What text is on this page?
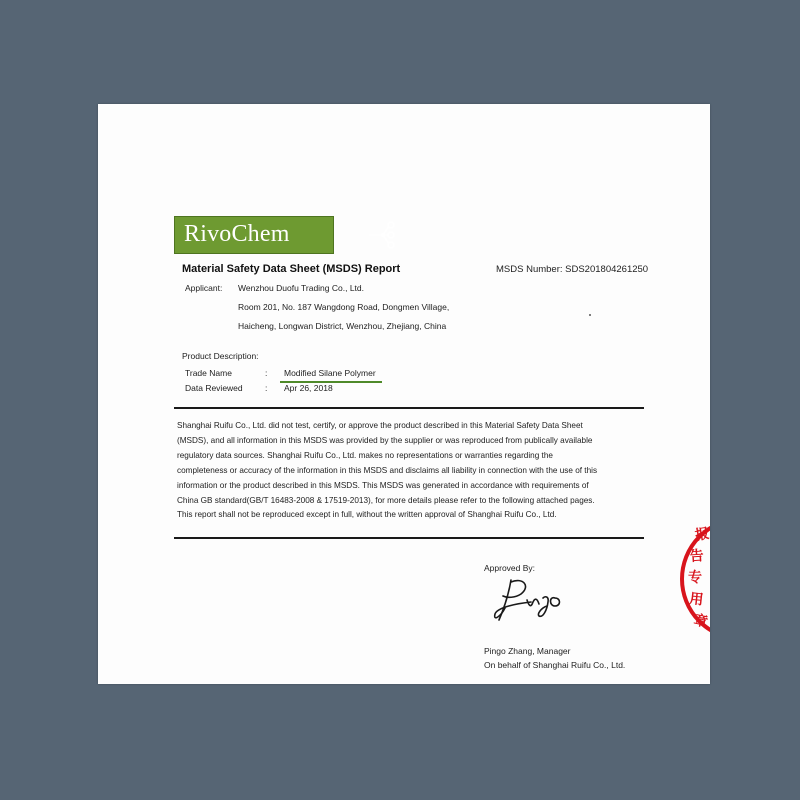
RivoChem
Material Safety Data Sheet (MSDS) Report	MSDS Number: SDS201804261250
Applicant: Wenzhou Duofu Trading Co., Ltd.
Room 201, No. 187 Wangdong Road, Dongmen Village,
Haicheng, Longwan District, Wenzhou, Zhejiang, China
Product Description:
Trade Name	: Modified Silane Polymer
Data Reviewed	: Apr 26, 2018

Shanghai Ruifu Co., Ltd. did not test, certify, or approve the product described in this Material Safety Data Sheet

(MSDS), and all information in this MSDS was provided by the supplier or was reproduced from publically available

regulatory data sources. Shanghai Ruifu Co., Ltd. makes no representations or warranties regarding the

completeness or accuracy of the information in this MSDS and disclaims all liability in connection with the use of this

information or the product described in this MSDS. This MSDS was generated in accordance with requirements of

China GB standard(GB/T 16483-2008 & 17519-2013), for more details please refer to the following attached pages.

This report shall not be reproduced except in full, without the written approval of Shanghai Ruifu Co., Ltd.

Approved By:
Pingo Zhang, Manager
On behalf of Shanghai Ruifu Co., Ltd.
报
告
专
用
章
